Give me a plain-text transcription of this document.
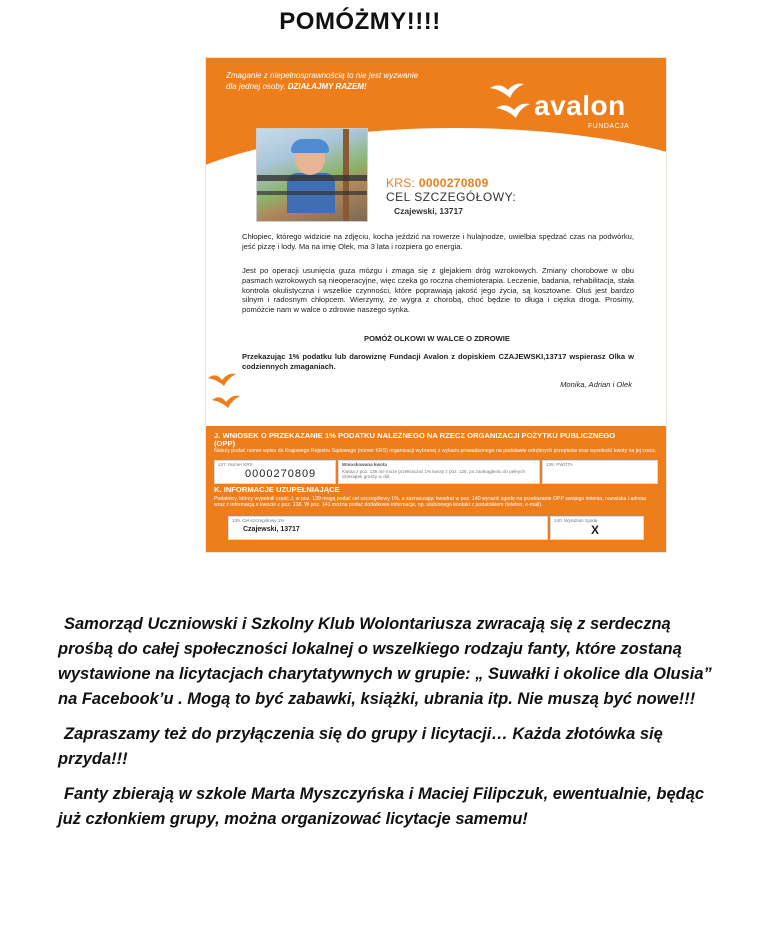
POMÓŻMY!!!!
Zmaganie z niepełnosprawnością to nie jest wyzwanie
dla jednej osoby. DZIAŁAJMY RAZEM!
avalon
FUNDACJA
KRS: 0000270809
CEL SZCZEGÓŁOWY:
Czajewski, 13717
Chłopiec, którego widzicie na zdjęciu, kocha jeździć na rowerze i hulajnodze, uwielbia spędzać czas na podwórku, jeść pizzę i lody. Ma na imię Olek, ma 3 lata i rozpiera go energia.
Jest po operacji usunięcia guza mózgu i zmaga się z glejakiem dróg wzrokowych. Zmiany chorobowe w obu pasmach wzrokowych są nieoperacyjne, więc czeka go roczna chemioterapia. Leczenie, badania, rehabilitacja, stała kontrola okulistyczna i wszelkie czynności, które poprawiają jakość jego życia, są kosztowne. Oluś jest bardzo silnym i radosnym chłopcem. Wierzymy, że wygra z chorobą, choć będzie to długa i ciężka droga. Prosimy, pomóżcie nam w walce o zdrowie naszego synka.
POMÓŻ OLKOWI W WALCE O ZDROWIE
Przekazując 1% podatku lub darowiznę Fundacji Avalon z dopiskiem CZAJEWSKI,13717 wspierasz Olka w codziennych zmaganiach.
Monika, Adrian i Olek
J. WNIOSEK O PRZEKAZANIE 1% PODATKU NALEŻNEGO NA RZECZ ORGANIZACJI POŻYTKU PUBLICZNEGO (OPP)
Należy podać numer wpisu do Krajowego Rejestru Sądowego (numer KRS) organizacji wybranej z wykazu prowadzonego na podstawie odrębnych przepisów oraz wysokość kwoty na jej rzecz.
137. Numer KRS
0000270809
Wnioskowana kwota
Kwota z poz. 138 nie może przekraczać 1% kwoty z poz. 125, po zaokrągleniu do pełnych dziesiątek groszy w dół.
138. PWOTA
K. INFORMACJE UZUPEŁNIAJĄCE
Podatnicy, którzy wypełnili część J, w poz. 139 mogą podać cel szczegółowy 1%, a zaznaczając kwadrat w poz. 140 wyrazić zgodę na przekazanie OPP swojego imienia, nazwiska i adresu wraz z informacją o kwocie z poz. 138. W poz. 141 można podać dodatkowe informacje, np. ulubionego kontakt z podatnikiem (telefon, e-mail).
139. Cel szczegółowy 1%
Czajewski, 13717
140. Wyrażam zgodę
X

Samorząd Uczniowski i Szkolny Klub Wolontariusza zwracają się z serdeczną prośbą do całej społeczności lokalnej o wszelkiego rodzaju fanty, które zostaną wystawione na licytacjach charytatywnych w grupie: „ Suwałki i okolice dla Olusia” na Facebook’u . Mogą to być zabawki, książki, ubrania itp. Nie muszą być nowe!!!

Zapraszamy też do przyłączenia się do grupy i licytacji… Każda złotówka się przyda!!!

Fanty zbierają w szkole Marta Myszczyńska i Maciej Filipczuk, ewentualnie, będąc już członkiem grupy, można organizować licytacje samemu!
